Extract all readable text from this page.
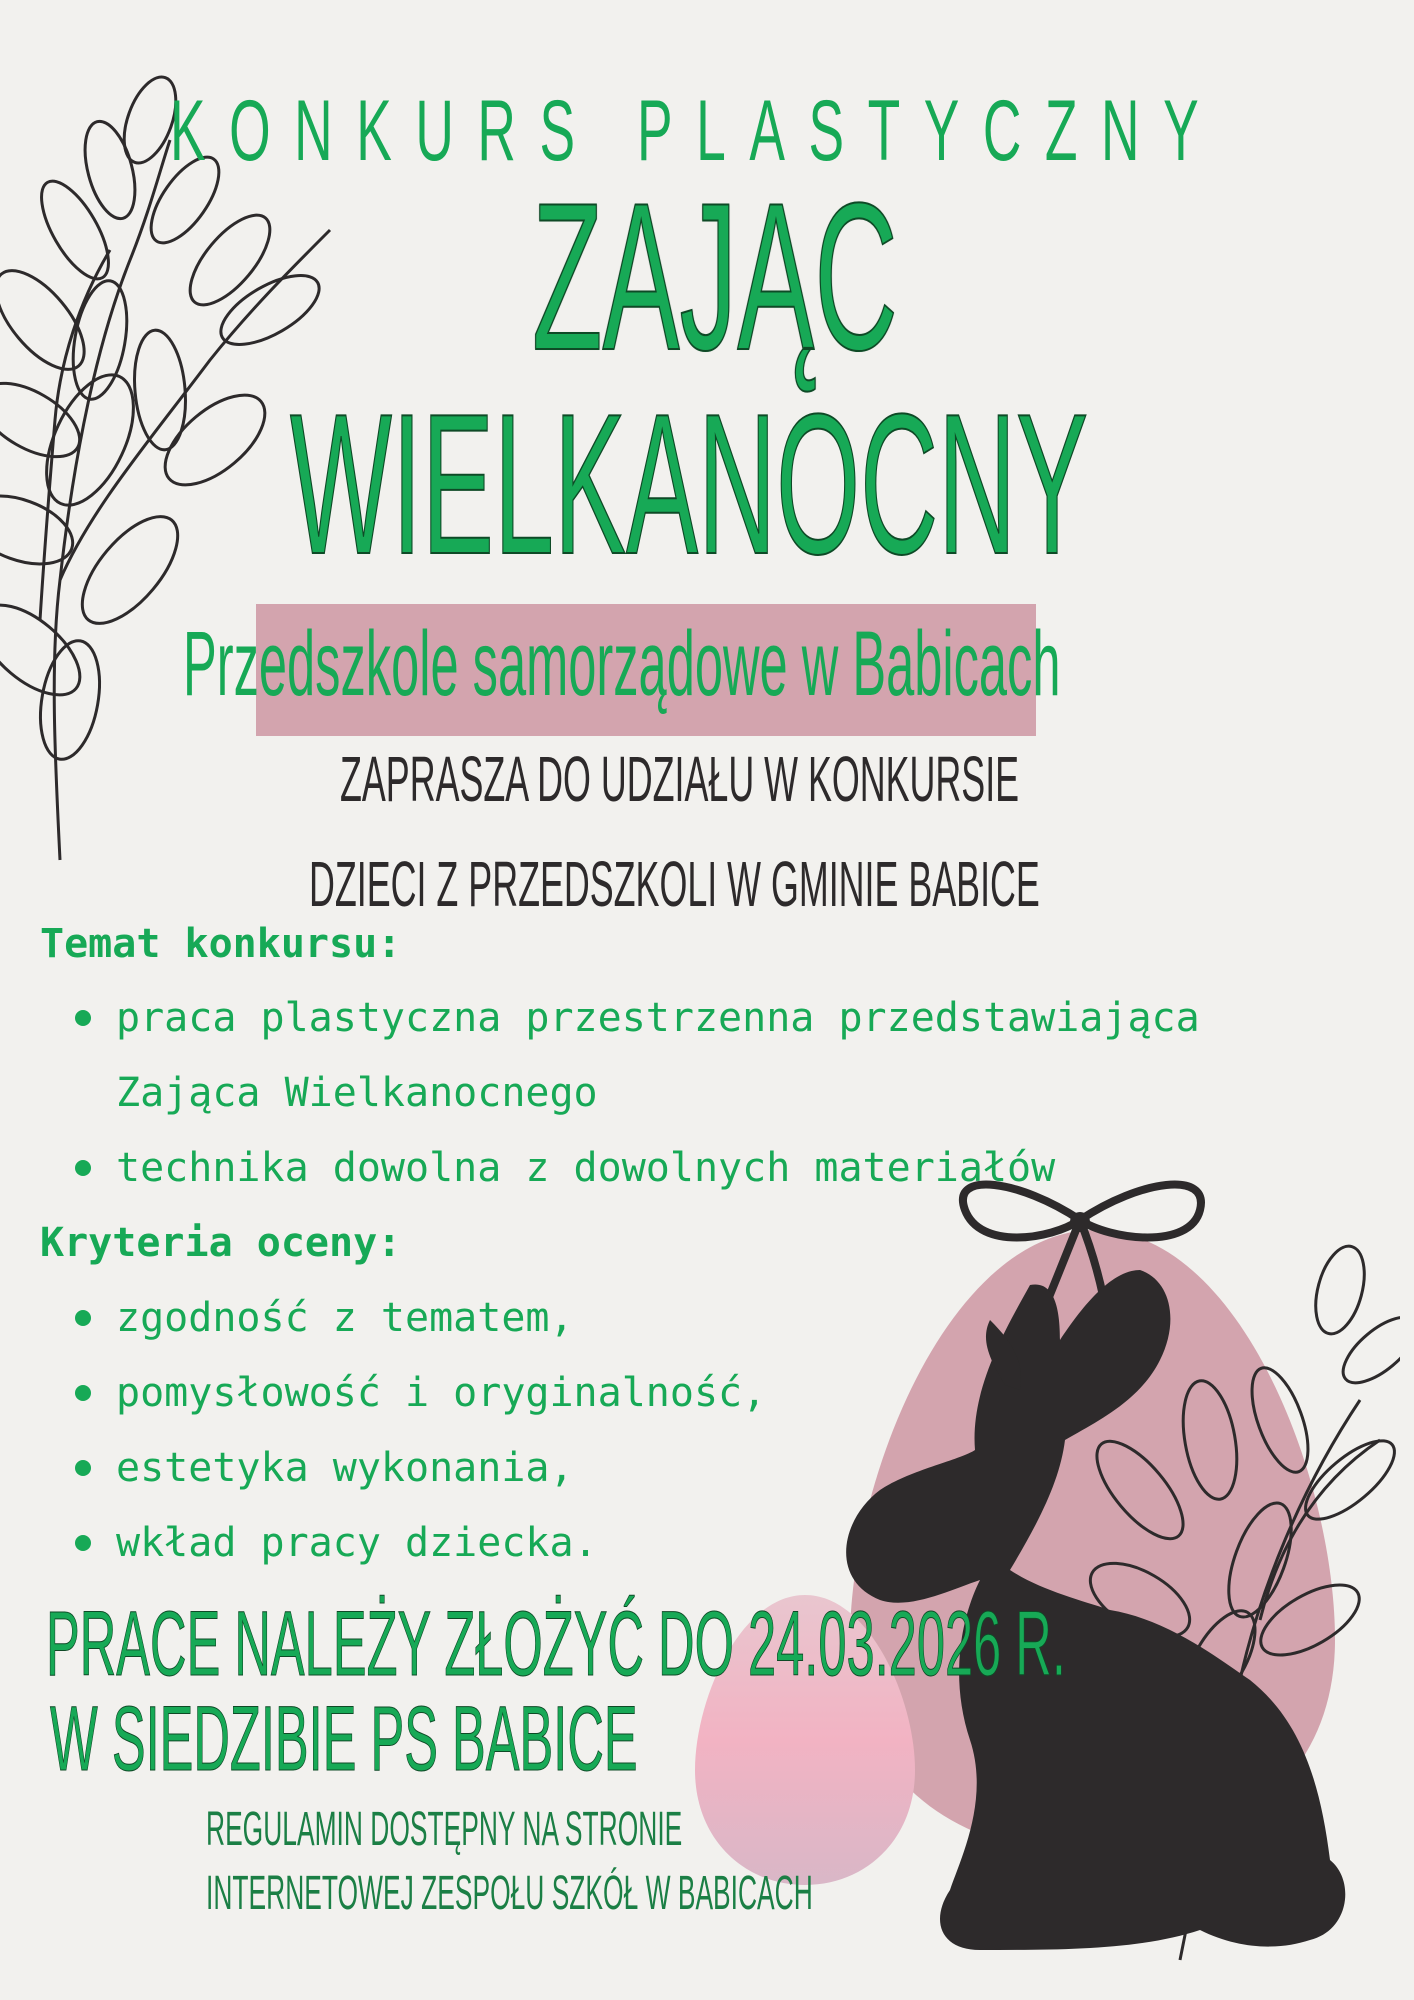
KONKURS PLASTYCZNY
ZAJĄC
WIELKANOCNY
Przedszkole samorządowe w Babicach
ZAPRASZA DO UDZIAŁU W KONKURSIE
DZIECI Z PRZEDSZKOLI W GMINIE BABICE
Temat konkursu:
praca plastyczna przestrzenna przedstawiająca
Zająca Wielkanocnego
technika dowolna z dowolnych materiałów
Kryteria oceny:
zgodność z tematem,
pomysłowość i oryginalność,
estetyka wykonania,
wkład pracy dziecka.
PRACE NALEŻY ZŁOŻYĆ DO 24.03.2026 R.
W SIEDZIBIE PS BABICE
REGULAMIN DOSTĘPNY NA STRONIE
INTERNETOWEJ ZESPOŁU SZKÓŁ W BABICACH
